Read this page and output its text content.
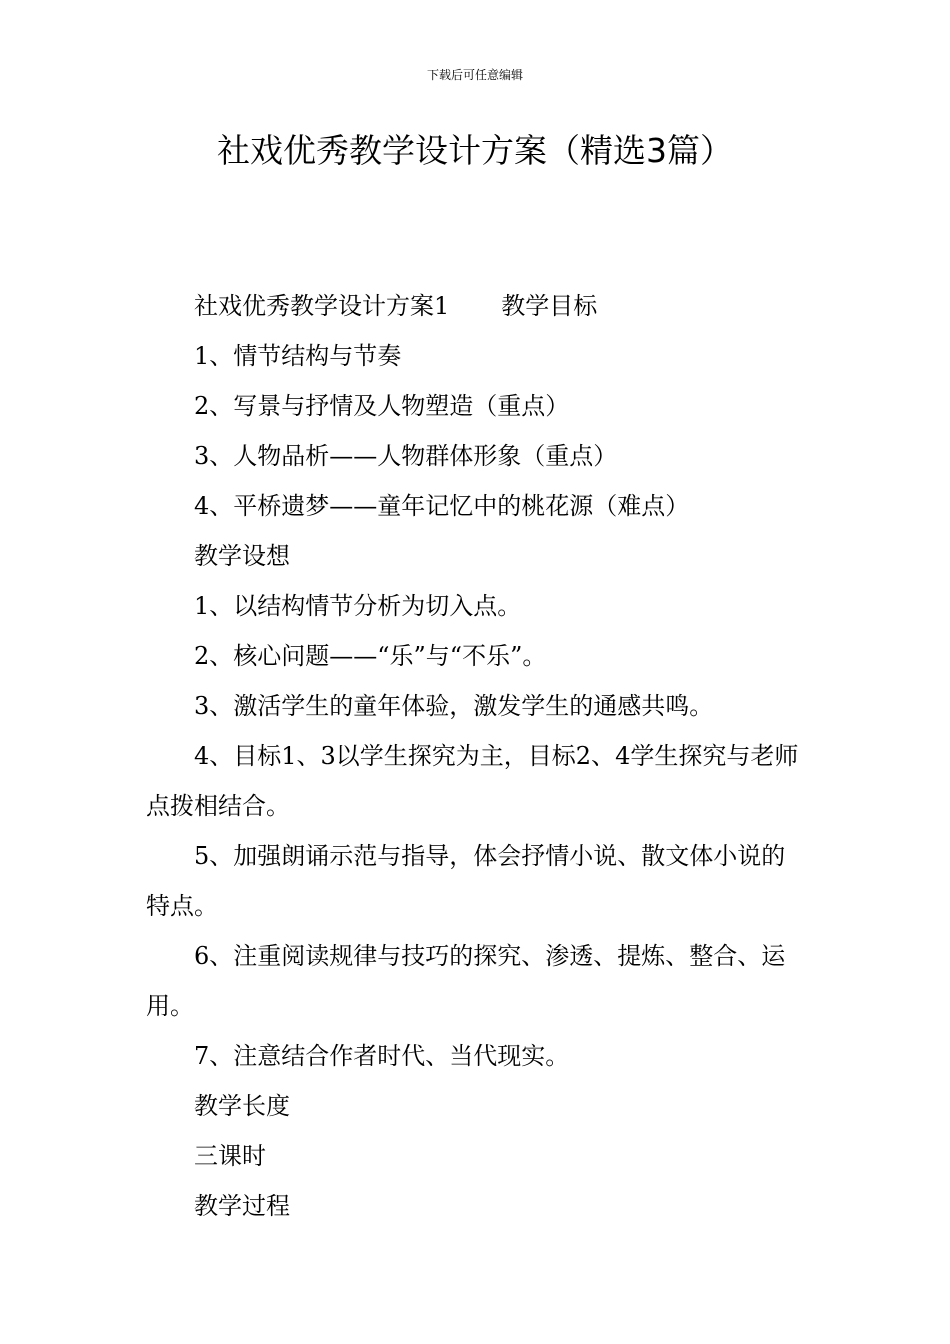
下载后可任意编辑
社戏优秀教学设计方案（精选3篇）

社戏优秀教学设计方案1 教学目标

1、情节结构与节奏

2、写景与抒情及人物塑造（重点）

3、人物品析——人物群体形象（重点）

4、平桥遗梦——童年记忆中的桃花源（难点）

教学设想

1、以结构情节分析为切入点。

2、核心问题——“乐”与“不乐”。

3、激活学生的童年体验，激发学生的通感共鸣。

4、目标1、3以学生探究为主，目标2、4学生探究与老师点拨相结合。

5、加强朗诵示范与指导，体会抒情小说、散文体小说的特点。

6、注重阅读规律与技巧的探究、渗透、提炼、整合、运用。

7、注意结合作者时代、当代现实。

教学长度

三课时

教学过程
